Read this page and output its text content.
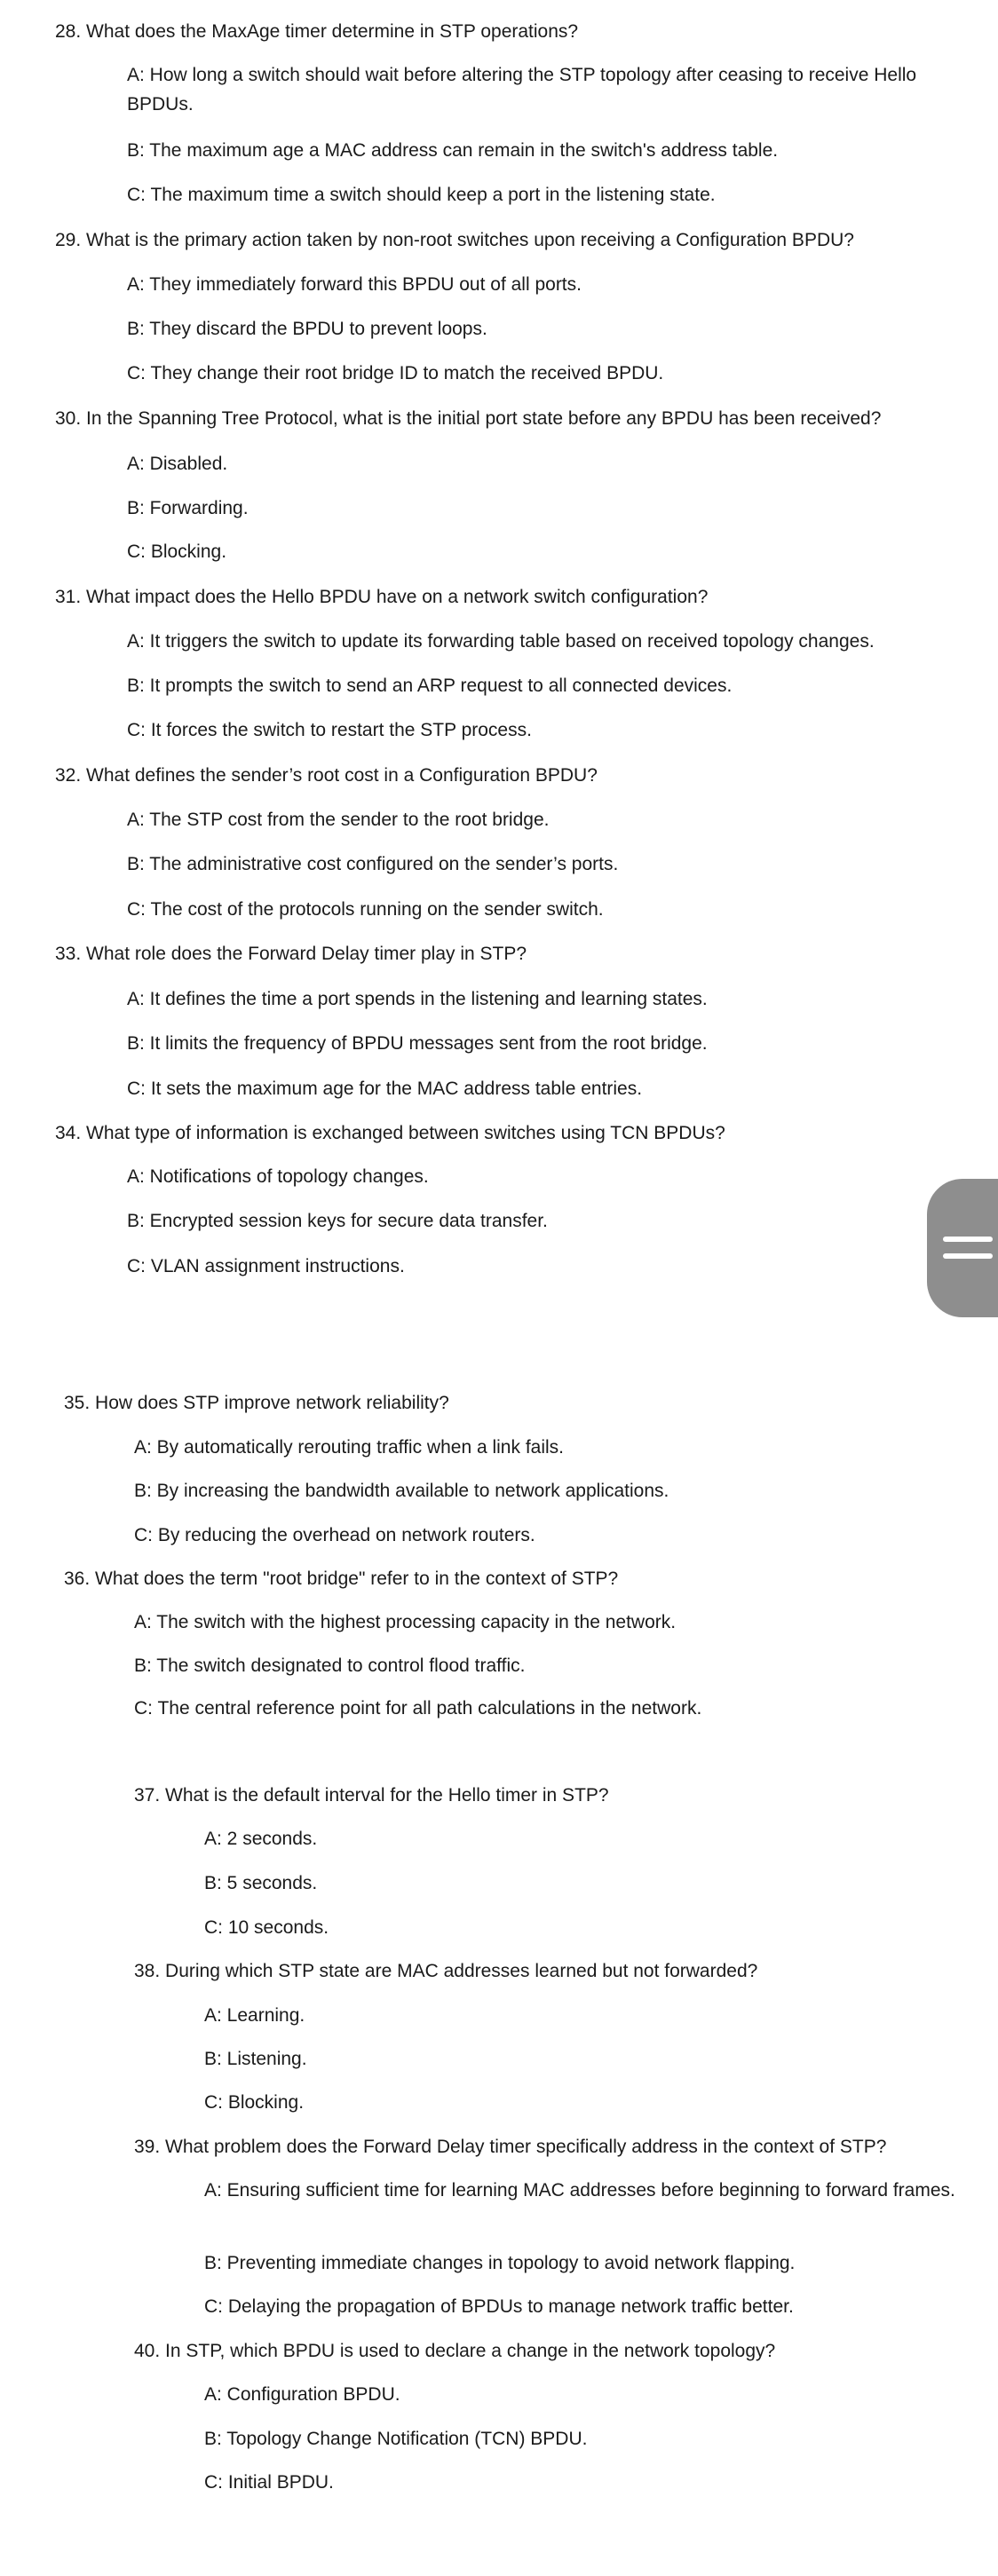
28. What does the MaxAge timer determine in STP operations?
A: How long a switch should wait before altering the STP topology after ceasing to receive Hello BPDUs.
B: The maximum age a MAC address can remain in the switch's address table.
C: The maximum time a switch should keep a port in the listening state.
29. What is the primary action taken by non-root switches upon receiving a Configuration BPDU?
A: They immediately forward this BPDU out of all ports.
B: They discard the BPDU to prevent loops.
C: They change their root bridge ID to match the received BPDU.
30. In the Spanning Tree Protocol, what is the initial port state before any BPDU has been received?
A: Disabled.
B: Forwarding.
C: Blocking.
31. What impact does the Hello BPDU have on a network switch configuration?
A: It triggers the switch to update its forwarding table based on received topology changes.
B: It prompts the switch to send an ARP request to all connected devices.
C: It forces the switch to restart the STP process.
32. What defines the sender’s root cost in a Configuration BPDU?
A: The STP cost from the sender to the root bridge.
B: The administrative cost configured on the sender’s ports.
C: The cost of the protocols running on the sender switch.
33. What role does the Forward Delay timer play in STP?
A: It defines the time a port spends in the listening and learning states.
B: It limits the frequency of BPDU messages sent from the root bridge.
C: It sets the maximum age for the MAC address table entries.
34. What type of information is exchanged between switches using TCN BPDUs?
A: Notifications of topology changes.
B: Encrypted session keys for secure data transfer.
C: VLAN assignment instructions.
35. How does STP improve network reliability?
A: By automatically rerouting traffic when a link fails.
B: By increasing the bandwidth available to network applications.
C: By reducing the overhead on network routers.
36. What does the term "root bridge" refer to in the context of STP?
A: The switch with the highest processing capacity in the network.
B: The switch designated to control flood traffic.
C: The central reference point for all path calculations in the network.
37. What is the default interval for the Hello timer in STP?
A: 2 seconds.
B: 5 seconds.
C: 10 seconds.
38. During which STP state are MAC addresses learned but not forwarded?
A: Learning.
B: Listening.
C: Blocking.
39. What problem does the Forward Delay timer specifically address in the context of STP?
A: Ensuring sufficient time for learning MAC addresses before beginning to forward frames.
B: Preventing immediate changes in topology to avoid network flapping.
C: Delaying the propagation of BPDUs to manage network traffic better.
40. In STP, which BPDU is used to declare a change in the network topology?
A: Configuration BPDU.
B: Topology Change Notification (TCN) BPDU.
C: Initial BPDU.
